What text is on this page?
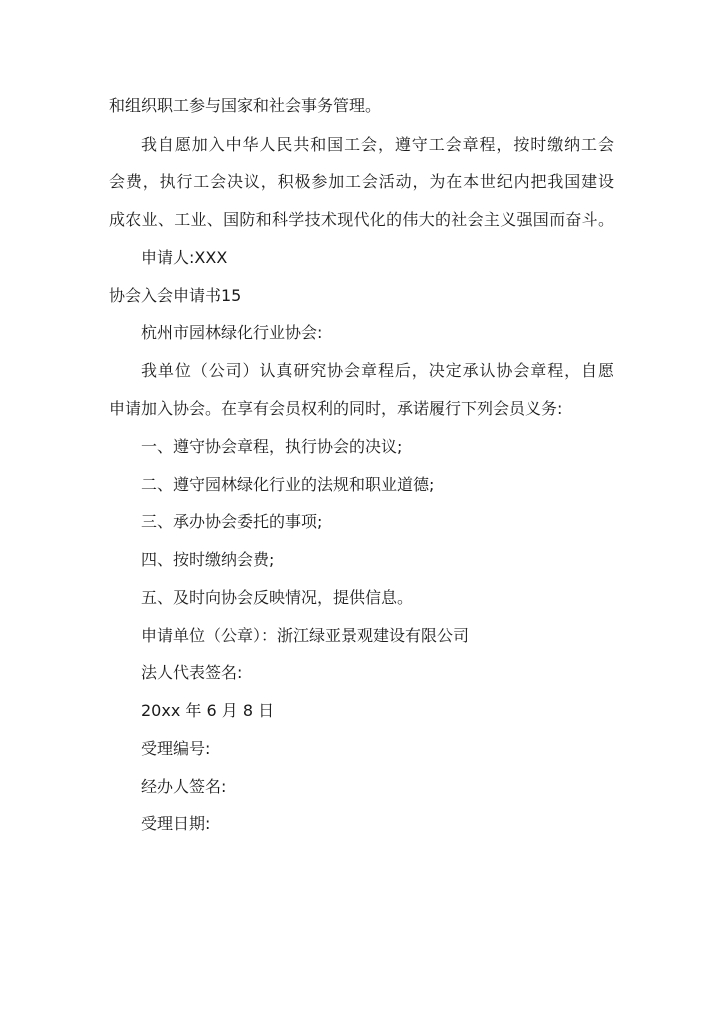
和组织职工参与国家和社会事务管理。
我自愿加入中华人民共和国工会，遵守工会章程，按时缴纳工会
会费，执行工会决议，积极参加工会活动，为在本世纪内把我国建设
成农业、工业、国防和科学技术现代化的伟大的社会主义强国而奋斗。
申请人:XXX
协会入会申请书15
杭州市园林绿化行业协会:
我单位（公司）认真研究协会章程后，决定承认协会章程，自愿
申请加入协会。在享有会员权利的同时，承诺履行下列会员义务:
一、遵守协会章程，执行协会的决议;
二、遵守园林绿化行业的法规和职业道德;
三、承办协会委托的事项;
四、按时缴纳会费;
五、及时向协会反映情况，提供信息。
申请单位（公章）：浙江绿亚景观建设有限公司
法人代表签名:
20xx 年 6 月 8 日
受理编号:
经办人签名:
受理日期:
